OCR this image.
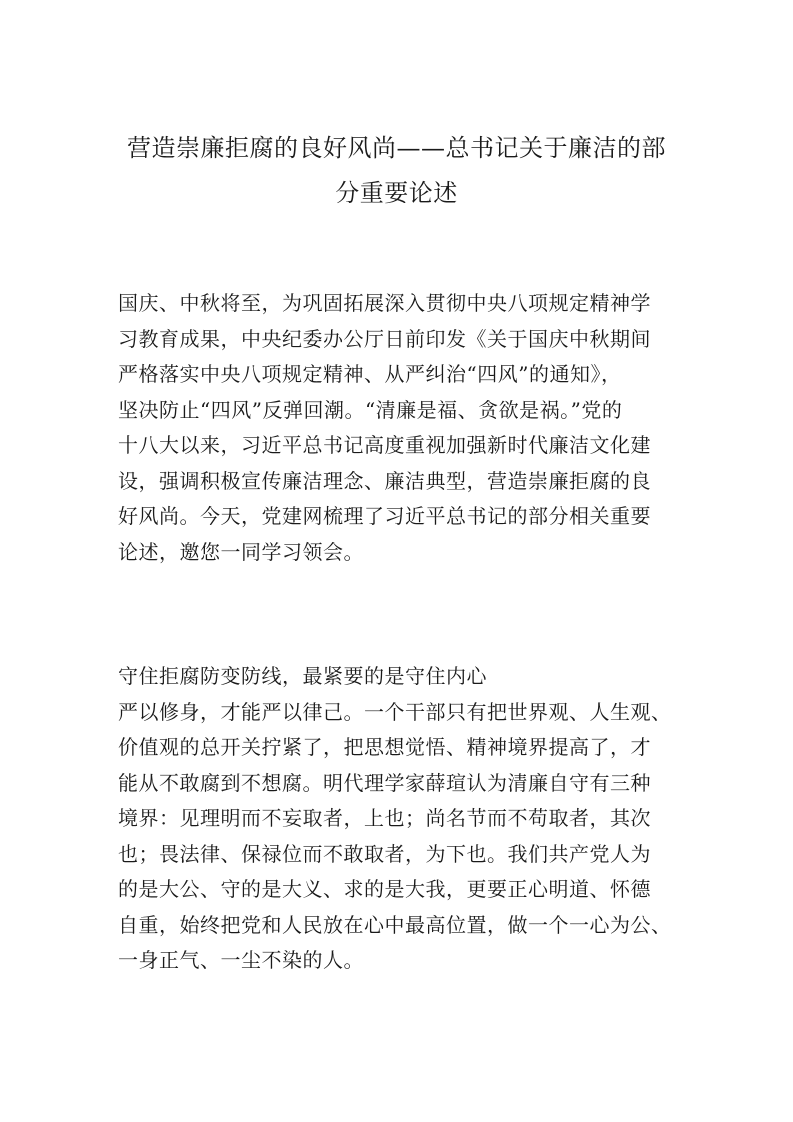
营造崇廉拒腐的良好风尚——总书记关于廉洁的部
分重要论述
国庆、中秋将至，为巩固拓展深入贯彻中央八项规定精神学
习教育成果，中央纪委办公厅日前印发《关于国庆中秋期间
严格落实中央八项规定精神、从严纠治“四风”的通知》，
坚决防止“四风”反弹回潮。“清廉是福、贪欲是祸。”党的
十八大以来，习近平总书记高度重视加强新时代廉洁文化建
设，强调积极宣传廉洁理念、廉洁典型，营造崇廉拒腐的良
好风尚。今天，党建网梳理了习近平总书记的部分相关重要
论述，邀您一同学习领会。
守住拒腐防变防线，最紧要的是守住内心
严以修身，才能严以律己。一个干部只有把世界观、人生观、
价值观的总开关拧紧了，把思想觉悟、精神境界提高了，才
能从不敢腐到不想腐。明代理学家薛瑄认为清廉自守有三种
境界：见理明而不妄取者，上也；尚名节而不苟取者，其次
也；畏法律、保禄位而不敢取者，为下也。我们共产党人为
的是大公、守的是大义、求的是大我，更要正心明道、怀德
自重，始终把党和人民放在心中最高位置，做一个一心为公、
一身正气、一尘不染的人。
